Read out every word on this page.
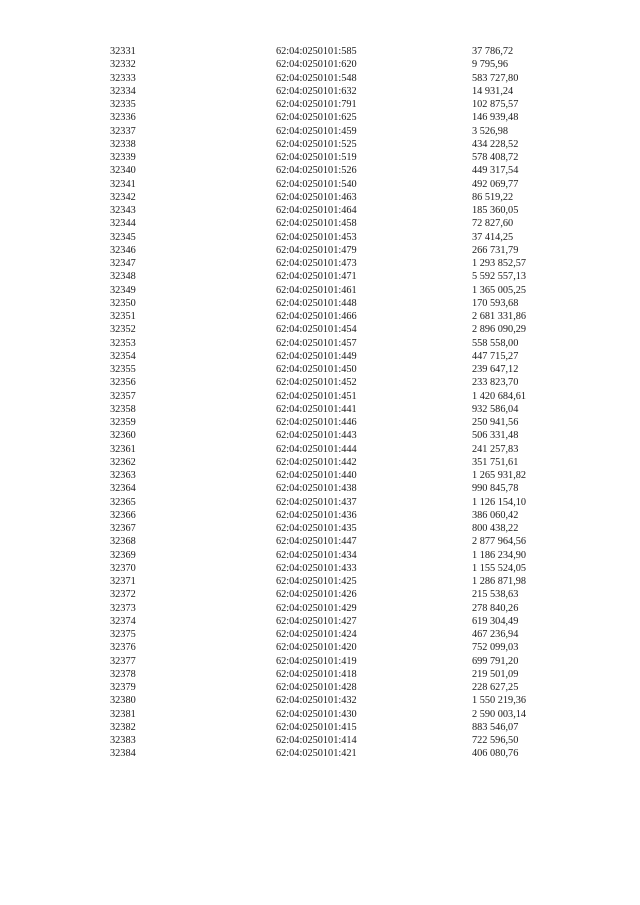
32331	62:04:0250101:585	37 786,72
32332	62:04:0250101:620	9 795,96
32333	62:04:0250101:548	583 727,80
32334	62:04:0250101:632	14 931,24
32335	62:04:0250101:791	102 875,57
32336	62:04:0250101:625	146 939,48
32337	62:04:0250101:459	3 526,98
32338	62:04:0250101:525	434 228,52
32339	62:04:0250101:519	578 408,72
32340	62:04:0250101:526	449 317,54
32341	62:04:0250101:540	492 069,77
32342	62:04:0250101:463	86 519,22
32343	62:04:0250101:464	185 360,05
32344	62:04:0250101:458	72 827,60
32345	62:04:0250101:453	37 414,25
32346	62:04:0250101:479	266 731,79
32347	62:04:0250101:473	1 293 852,57
32348	62:04:0250101:471	5 592 557,13
32349	62:04:0250101:461	1 365 005,25
32350	62:04:0250101:448	170 593,68
32351	62:04:0250101:466	2 681 331,86
32352	62:04:0250101:454	2 896 090,29
32353	62:04:0250101:457	558 558,00
32354	62:04:0250101:449	447 715,27
32355	62:04:0250101:450	239 647,12
32356	62:04:0250101:452	233 823,70
32357	62:04:0250101:451	1 420 684,61
32358	62:04:0250101:441	932 586,04
32359	62:04:0250101:446	250 941,56
32360	62:04:0250101:443	506 331,48
32361	62:04:0250101:444	241 257,83
32362	62:04:0250101:442	351 751,61
32363	62:04:0250101:440	1 265 931,82
32364	62:04:0250101:438	990 845,78
32365	62:04:0250101:437	1 126 154,10
32366	62:04:0250101:436	386 060,42
32367	62:04:0250101:435	800 438,22
32368	62:04:0250101:447	2 877 964,56
32369	62:04:0250101:434	1 186 234,90
32370	62:04:0250101:433	1 155 524,05
32371	62:04:0250101:425	1 286 871,98
32372	62:04:0250101:426	215 538,63
32373	62:04:0250101:429	278 840,26
32374	62:04:0250101:427	619 304,49
32375	62:04:0250101:424	467 236,94
32376	62:04:0250101:420	752 099,03
32377	62:04:0250101:419	699 791,20
32378	62:04:0250101:418	219 501,09
32379	62:04:0250101:428	228 627,25
32380	62:04:0250101:432	1 550 219,36
32381	62:04:0250101:430	2 590 003,14
32382	62:04:0250101:415	883 546,07
32383	62:04:0250101:414	722 596,50
32384	62:04:0250101:421	406 080,76
